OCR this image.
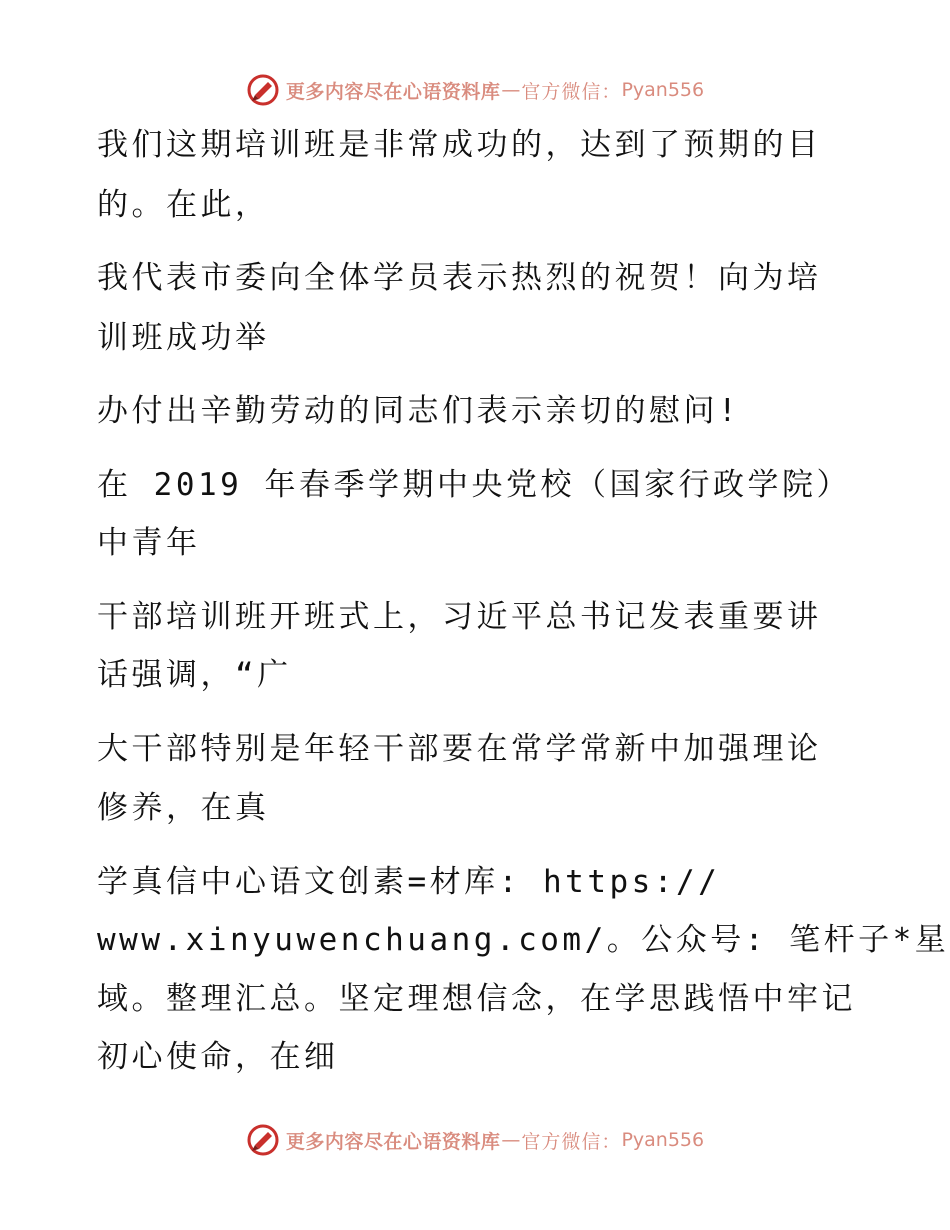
更多内容尽在心语资料库 — 官方微信： Pyan556
我们这期培训班是非常成功的，达到了预期的目
的。在此，
我代表市委向全体学员表示热烈的祝贺！向为培
训班成功举
办付出辛勤劳动的同志们表示亲切的慰问!
在 2019 年春季学期中央党校（国家行政学院）
中青年
干部培训班开班式上，习近平总书记发表重要讲
话强调，“广
大干部特别是年轻干部要在常学常新中加强理论
修养，在真
学真信中心语文创素=材库: https://
www.xinyuwenchuang.com/。公众号: 笔杆子*星
域。整理汇总。坚定理想信念，在学思践悟中牢记
初心使命，在细
更多内容尽在心语资料库 — 官方微信： Pyan556
